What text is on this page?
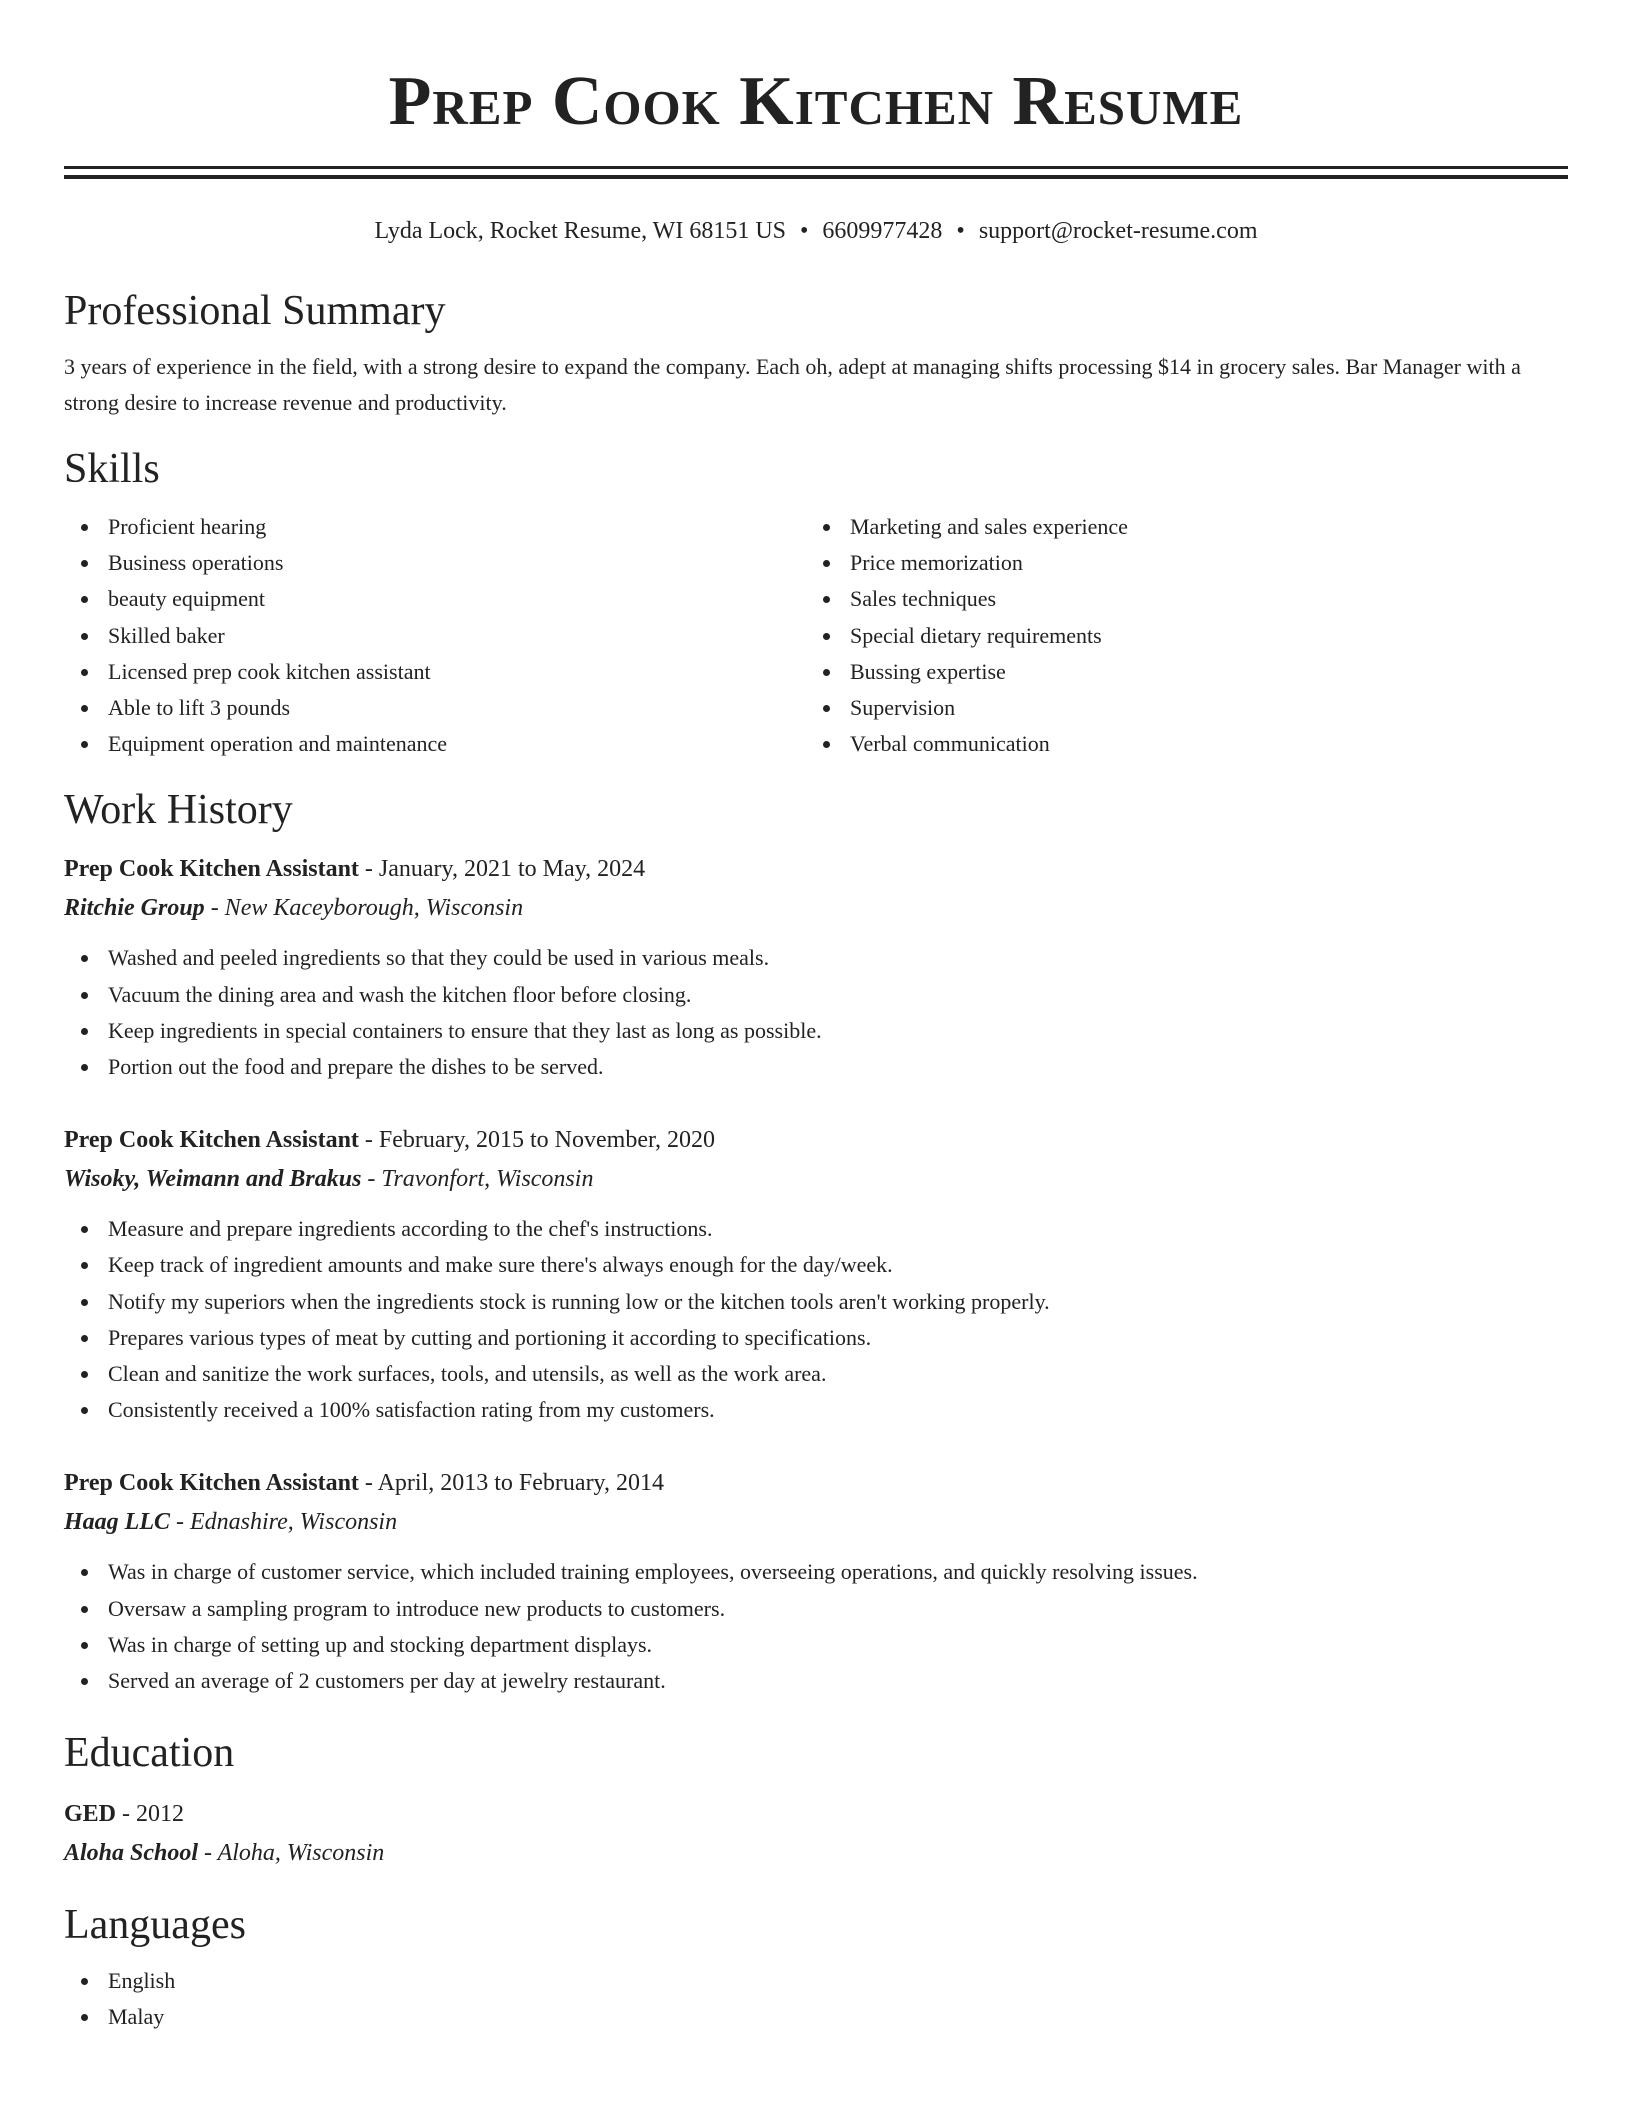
Prep Cook Kitchen Resume
Lyda Lock, Rocket Resume, WI 68151 US • 6609977428 • support@rocket-resume.com
Professional Summary

3 years of experience in the field, with a strong desire to expand the company. Each oh, adept at managing shifts processing $14 in grocery sales. Bar Manager with a strong desire to increase revenue and productivity.

Skills
Proficient hearing
Business operations
beauty equipment
Skilled baker
Licensed prep cook kitchen assistant
Able to lift 3 pounds
Equipment operation and maintenance
Marketing and sales experience
Price memorization
Sales techniques
Special dietary requirements
Bussing expertise
Supervision
Verbal communication
Work History
Prep Cook Kitchen Assistant - January, 2021 to May, 2024
Ritchie Group - New Kaceyborough, Wisconsin
Washed and peeled ingredients so that they could be used in various meals.
Vacuum the dining area and wash the kitchen floor before closing.
Keep ingredients in special containers to ensure that they last as long as possible.
Portion out the food and prepare the dishes to be served.
Prep Cook Kitchen Assistant - February, 2015 to November, 2020
Wisoky, Weimann and Brakus - Travonfort, Wisconsin
Measure and prepare ingredients according to the chef's instructions.
Keep track of ingredient amounts and make sure there's always enough for the day/week.
Notify my superiors when the ingredients stock is running low or the kitchen tools aren't working properly.
Prepares various types of meat by cutting and portioning it according to specifications.
Clean and sanitize the work surfaces, tools, and utensils, as well as the work area.
Consistently received a 100% satisfaction rating from my customers.
Prep Cook Kitchen Assistant - April, 2013 to February, 2014
Haag LLC - Ednashire, Wisconsin
Was in charge of customer service, which included training employees, overseeing operations, and quickly resolving issues.
Oversaw a sampling program to introduce new products to customers.
Was in charge of setting up and stocking department displays.
Served an average of 2 customers per day at jewelry restaurant.
Education
GED - 2012
Aloha School - Aloha, Wisconsin
Languages
English
Malay
